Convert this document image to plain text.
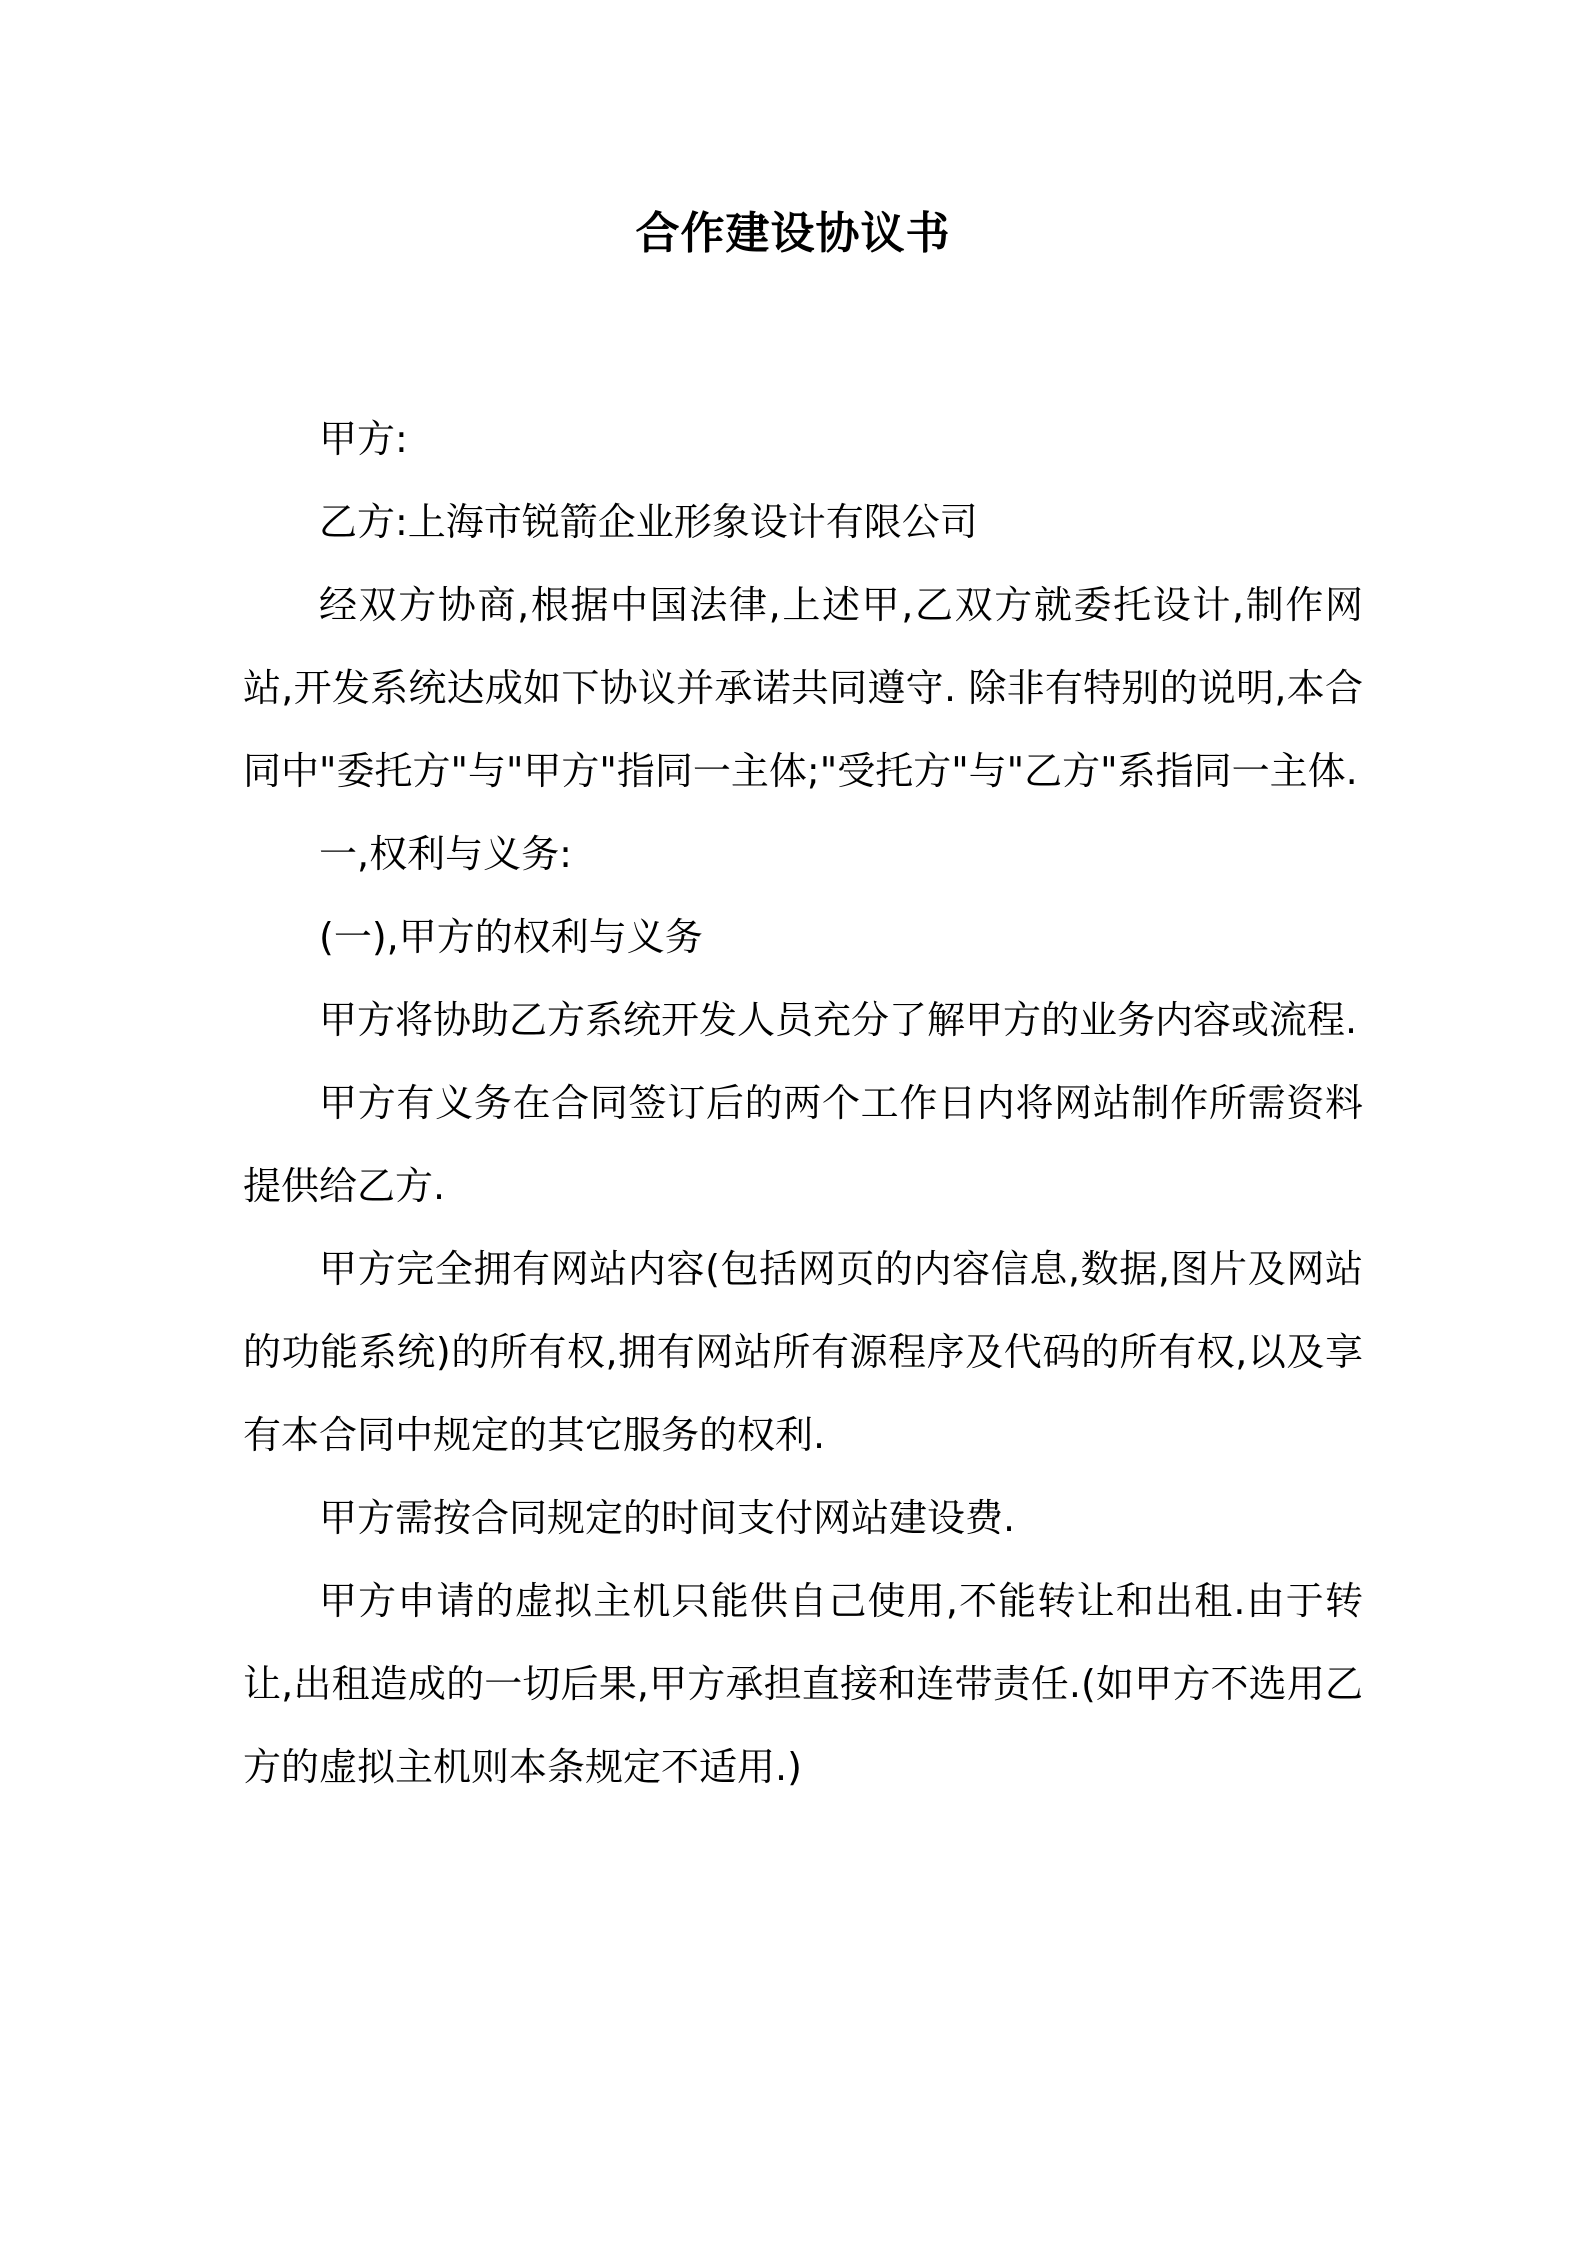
合作建设协议书

甲方:

乙方:上海市锐箭企业形象设计有限公司

经双方协商,根据中国法律,上述甲,乙双方就委托设计,制作网站,开发系统达成如下协议并承诺共同遵守. 除非有特别的说明,本合同中"委托方"与"甲方"指同一主体;"受托方"与"乙方"系指同一主体.

一,权利与义务:

(一),甲方的权利与义务

甲方将协助乙方系统开发人员充分了解甲方的业务内容或流程.

甲方有义务在合同签订后的两个工作日内将网站制作所需资料提供给乙方.

甲方完全拥有网站内容(包括网页的内容信息,数据,图片及网站的功能系统)的所有权,拥有网站所有源程序及代码的所有权,以及享有本合同中规定的其它服务的权利.

甲方需按合同规定的时间支付网站建设费.

甲方申请的虚拟主机只能供自己使用,不能转让和出租.由于转让,出租造成的一切后果,甲方承担直接和连带责任.(如甲方不选用乙方的虚拟主机则本条规定不适用.)
